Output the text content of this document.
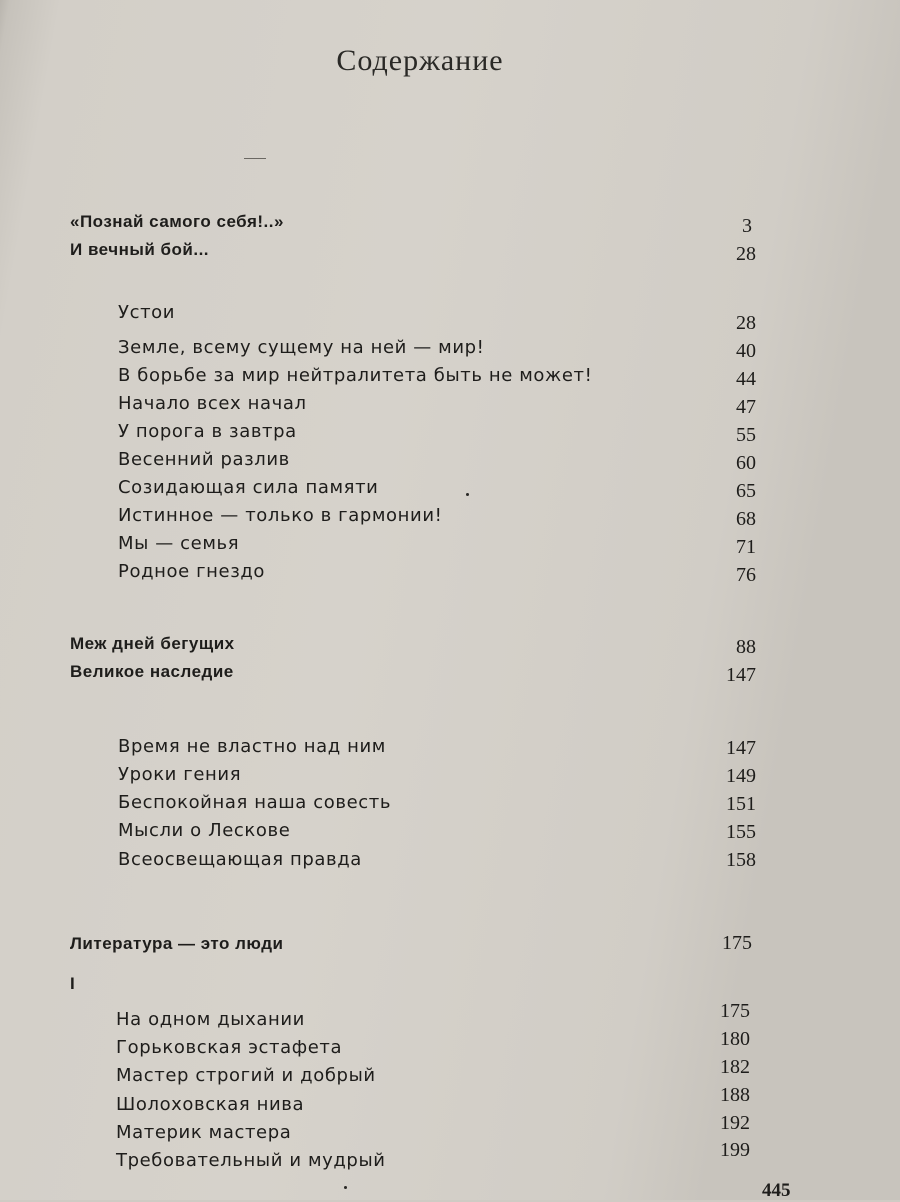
Содержание
«Познай самого себя!..»	3
И вечный бой...	28
Устои	28
Земле, всему сущему на ней — мир!	40
В борьбе за мир нейтралитета быть не может!	44
Начало всех начал	47
У порога в завтра	55
Весенний разлив	60
Созидающая сила памяти	65
Истинное — только в гармонии!	68
Мы — семья	71
Родное гнездо	76
Меж дней бегущих	88
Великое наследие	147
Время не властно над ним	147
Уроки гения	149
Беспокойная наша совесть	151
Мысли о Лескове	155
Всеосвещающая правда	158
Литература — это люди	175
I
На одном дыхании	175
Горьковская эстафета	180
Мастер строгий и добрый	182
Шолоховская нива	188
Материк мастера	192
Требовательный и мудрый	199
445
